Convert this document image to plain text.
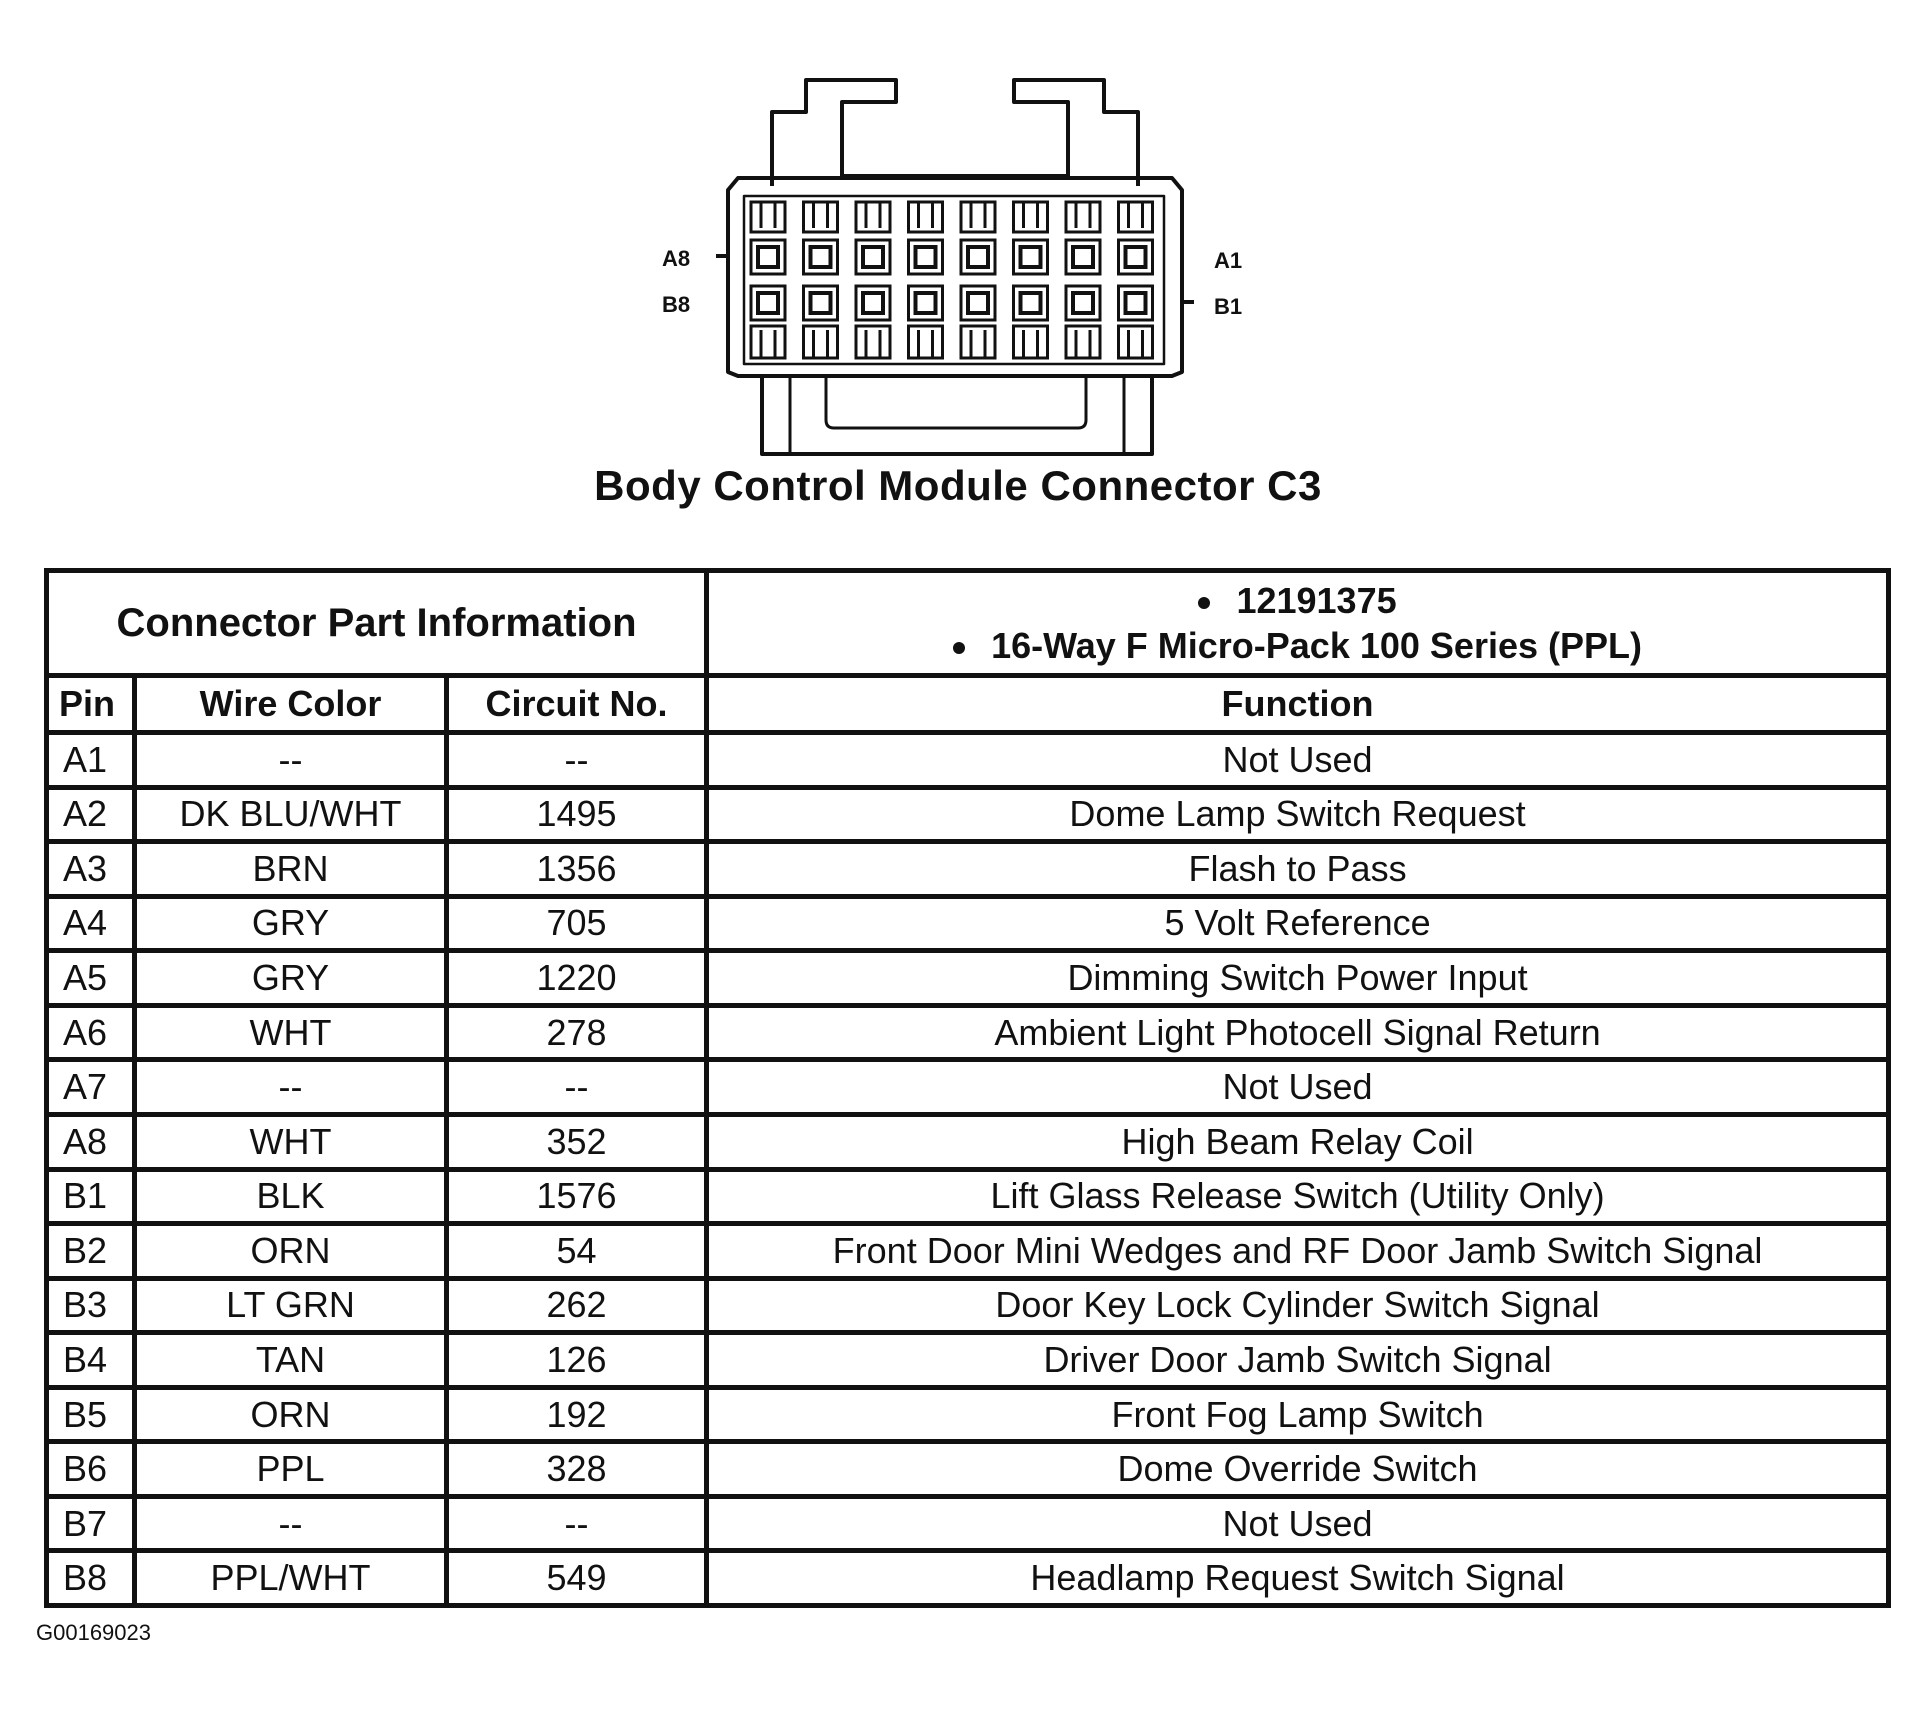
A8
B8
A1
B1
Body Control Module Connector C3
Connector Part Information			12191375
16-Way F Micro-Pack 100 Series (PPL)

Pin	Wire Color	Circuit No.	Function
A1	--	--	Not Used
A2	DK BLU/WHT	1495	Dome Lamp Switch Request
A3	BRN	1356	Flash to Pass
A4	GRY	705	5 Volt Reference
A5	GRY	1220	Dimming Switch Power Input
A6	WHT	278	Ambient Light Photocell Signal Return
A7	--	--	Not Used
A8	WHT	352	High Beam Relay Coil
B1	BLK	1576	Lift Glass Release Switch (Utility Only)
B2	ORN	54	Front Door Mini Wedges and RF Door Jamb Switch Signal
B3	LT GRN	262	Door Key Lock Cylinder Switch Signal
B4	TAN	126	Driver Door Jamb Switch Signal
B5	ORN	192	Front Fog Lamp Switch
B6	PPL	328	Dome Override Switch
B7	--	--	Not Used
B8	PPL/WHT	549	Headlamp Request Switch Signal
G00169023
